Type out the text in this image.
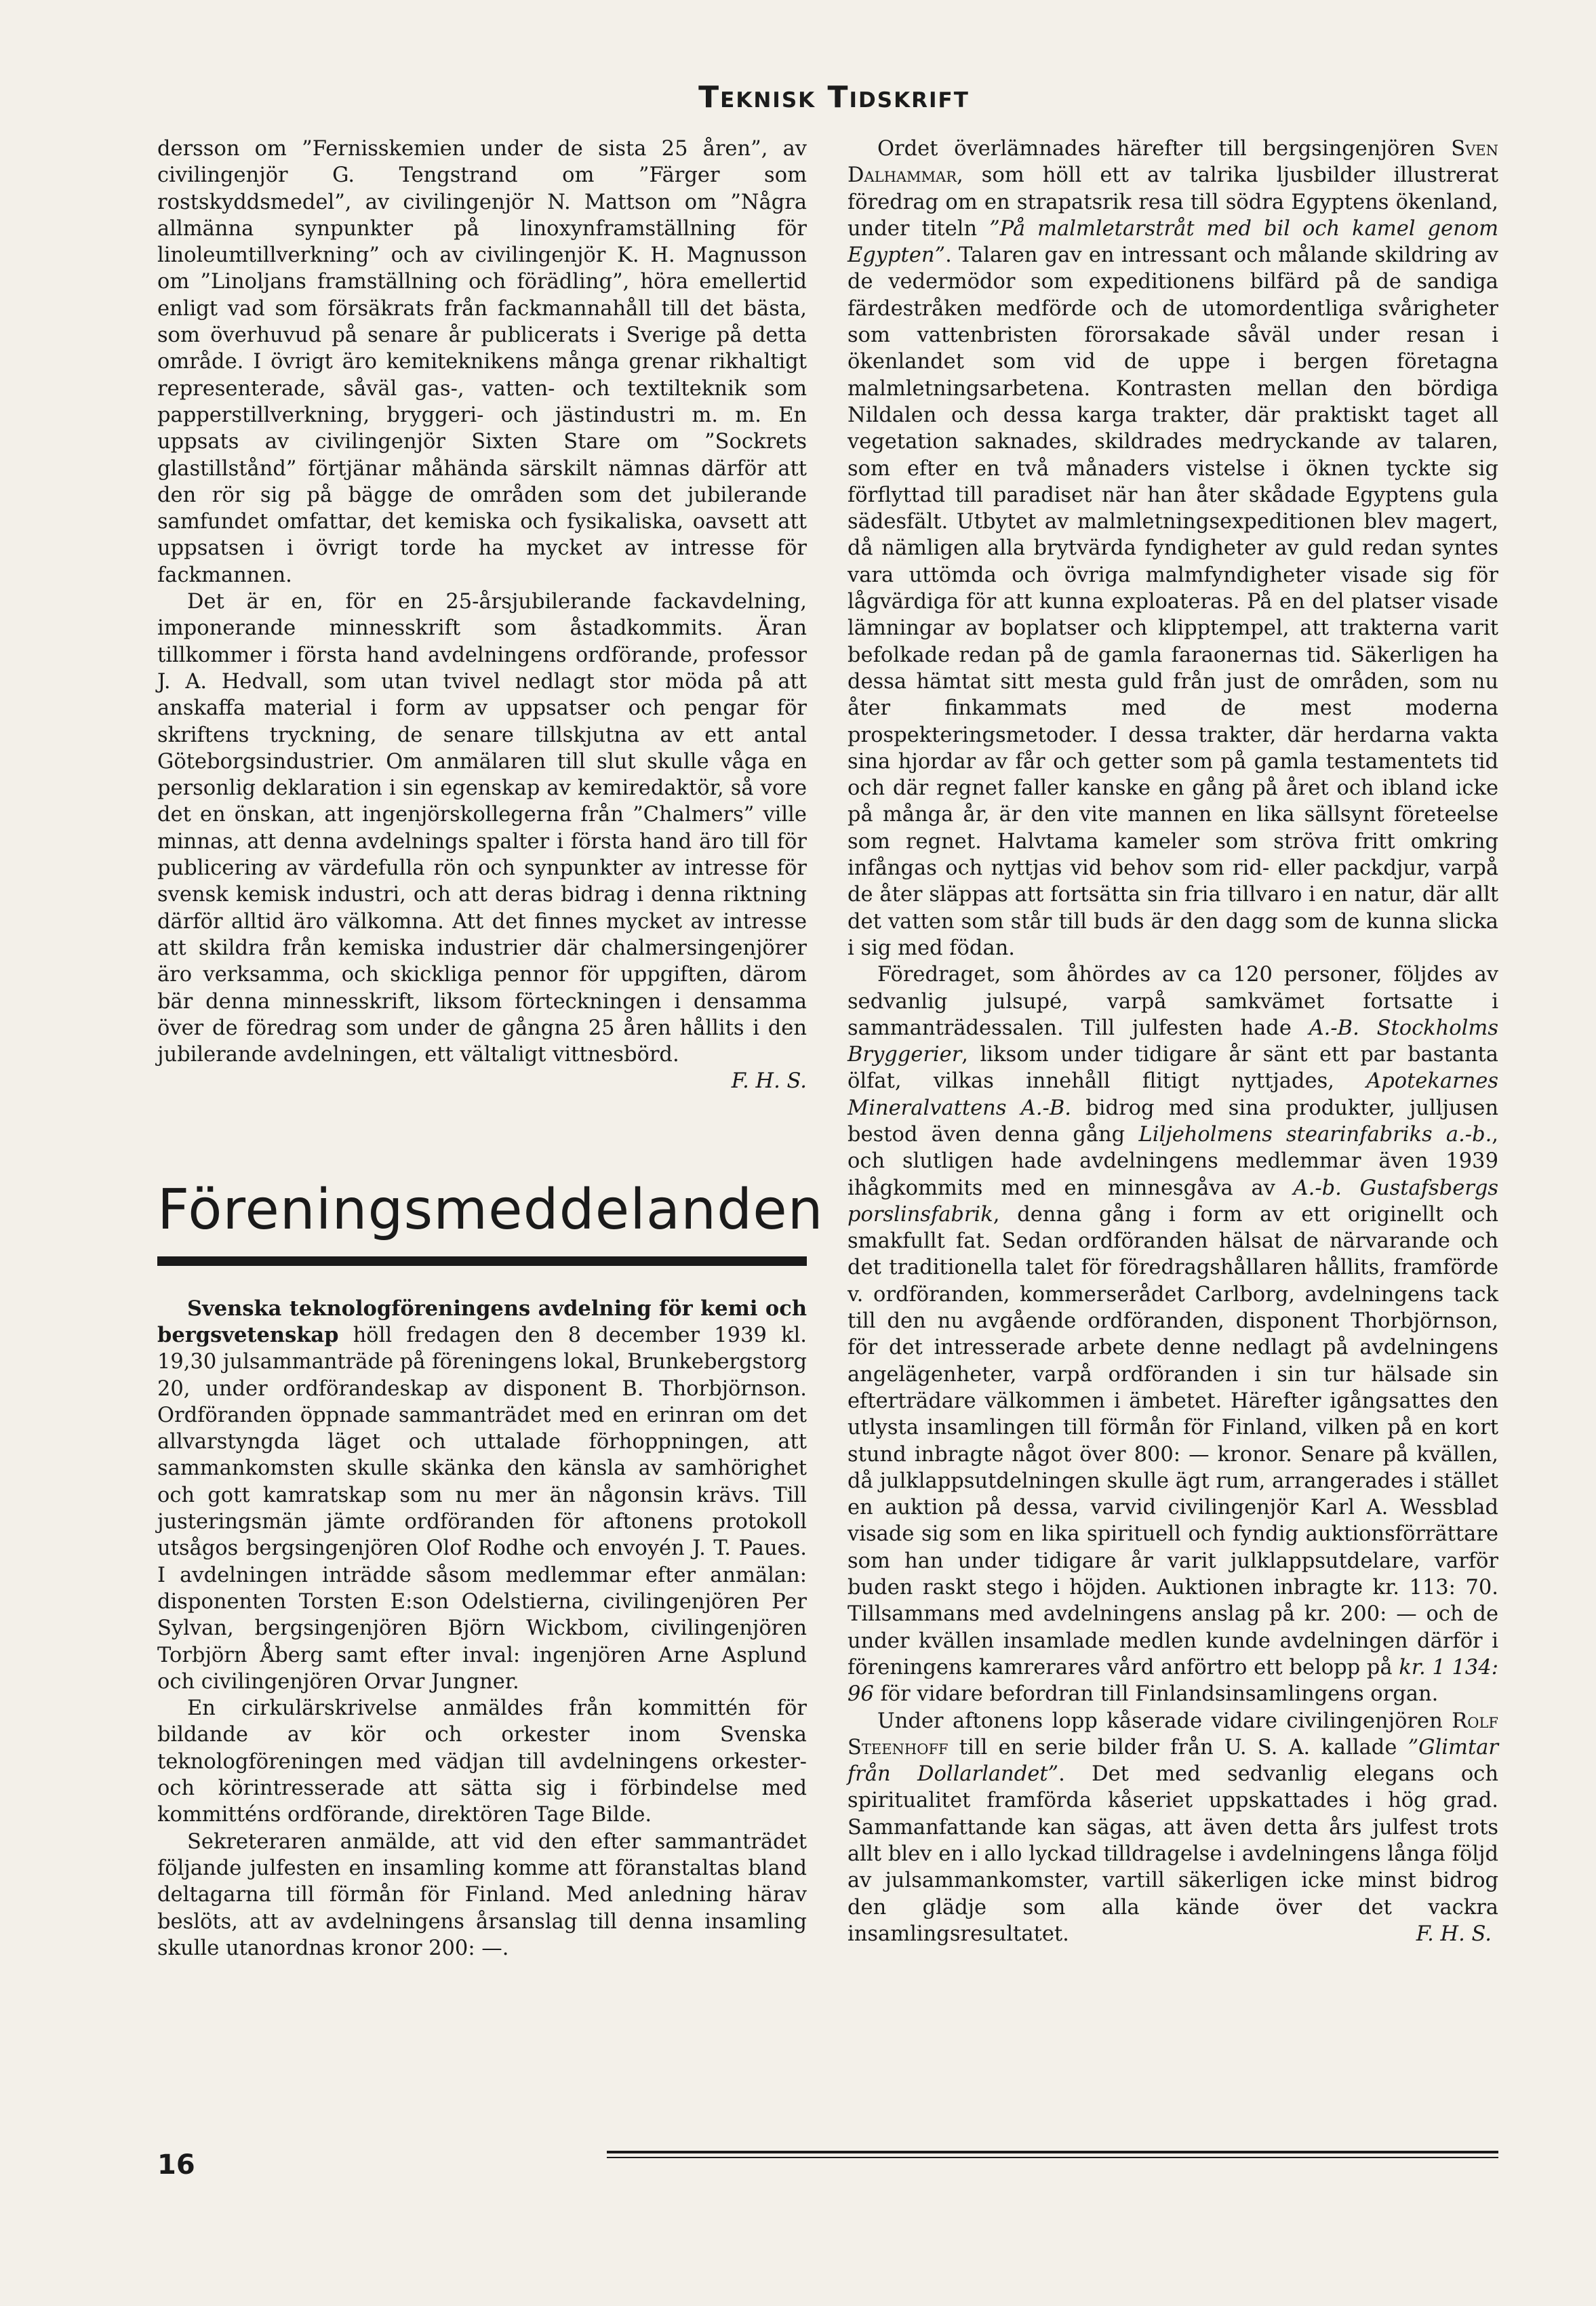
Teknisk Tidskrift

dersson om ”Fernisskemien under de sista 25 åren”, av civilingenjör G. Tengstrand om ”Färger som rostskyddsmedel”, av civilingenjör N. Mattson om ”Några allmänna synpunkter på linoxynframställning för linoleumtillverkning” och av civilingenjör K. H. Magnusson om ”Linoljans framställning och förädling”, höra emellertid enligt vad som försäkrats från fackmannahåll till det bästa, som överhuvud på senare år publicerats i Sverige på detta område. I övrigt äro kemiteknikens många grenar rikhaltigt representerade, såväl gas-, vatten- och textilteknik som papperstillverkning, bryggeri- och jästindustri m. m. En uppsats av civilingenjör Sixten Stare om ”Sockrets glastillstånd” förtjänar måhända särskilt nämnas därför att den rör sig på bägge de områden som det jubilerande samfundet omfattar, det kemiska och fysikaliska, oavsett att uppsatsen i övrigt torde ha mycket av intresse för fackmannen.

Det är en, för en 25-årsjubilerande fackavdelning, imponerande minnesskrift som åstadkommits. Äran tillkommer i första hand avdelningens ordförande, professor J. A. Hedvall, som utan tvivel nedlagt stor möda på att anskaffa material i form av uppsatser och pengar för skriftens tryckning, de senare tillskjutna av ett antal Göteborgsindustrier. Om anmälaren till slut skulle våga en personlig deklaration i sin egenskap av kemiredaktör, så vore det en önskan, att ingenjörskollegerna från ”Chalmers” ville minnas, att denna avdelnings spalter i första hand äro till för publicering av värdefulla rön och synpunkter av intresse för svensk kemisk industri, och att deras bidrag i denna riktning därför alltid äro välkomna. Att det finnes mycket av intresse att skildra från kemiska industrier där chalmersingenjörer äro verksamma, och skickliga pennor för uppgiften, därom bär denna minnesskrift, liksom förteckningen i densamma över de föredrag som under de gångna 25 åren hållits i den jubilerande avdelningen, ett vältaligt vittnesbörd.

F. H. S.

Föreningsmeddelanden

Svenska teknologföreningens avdelning för kemi och bergsvetenskap höll fredagen den 8 december 1939 kl. 19,30 julsammanträde på föreningens lokal, Brunkebergstorg 20, under ordförandeskap av disponent B. Thorbjörnson. Ordföranden öppnade sammanträdet med en erinran om det allvarstyngda läget och uttalade förhoppningen, att sammankomsten skulle skänka den känsla av samhörighet och gott kamratskap som nu mer än någonsin krävs. Till justeringsmän jämte ordföranden för aftonens protokoll utsågos bergsingenjören Olof Rodhe och envoyén J. T. Paues. I avdelningen inträdde såsom medlemmar efter anmälan: disponenten Torsten E:son Odelstierna, civilingenjören Per Sylvan, bergsingenjören Björn Wickbom, civilingenjören Torbjörn Åberg samt efter inval: ingenjören Arne Asplund och civilingenjören Orvar Jungner.

En cirkulärskrivelse anmäldes från kommittén för bildande av kör och orkester inom Svenska teknologföreningen med vädjan till avdelningens orkester- och körintresserade att sätta sig i förbindelse med kommitténs ordförande, direktören Tage Bilde.

Sekreteraren anmälde, att vid den efter sammanträdet följande julfesten en insamling komme att föranstaltas bland deltagarna till förmån för Finland. Med anledning härav beslöts, att av avdelningens årsanslag till denna insamling skulle utanordnas kronor 200: —.

Ordet överlämnades härefter till bergsingenjören Sven Dalhammar, som höll ett av talrika ljusbilder illustrerat föredrag om en strapatsrik resa till södra Egyptens ökenland, under titeln ”På malmletarstråt med bil och kamel genom Egypten”. Talaren gav en intressant och målande skildring av de vedermödor som expeditionens bilfärd på de sandiga färdestråken medförde och de utomordentliga svårigheter som vattenbristen förorsakade såväl under resan i ökenlandet som vid de uppe i bergen företagna malmletningsarbetena. Kontrasten mellan den bördiga Nildalen och dessa karga trakter, där praktiskt taget all vegetation saknades, skildrades medryckande av talaren, som efter en två månaders vistelse i öknen tyckte sig förflyttad till paradiset när han åter skådade Egyptens gula sädesfält. Utbytet av malmletningsexpeditionen blev magert, då nämligen alla brytvärda fyndigheter av guld redan syntes vara uttömda och övriga malmfyndigheter visade sig för lågvärdiga för att kunna exploateras. På en del platser visade lämningar av boplatser och klipptempel, att trakterna varit befolkade redan på de gamla faraonernas tid. Säkerligen ha dessa hämtat sitt mesta guld från just de områden, som nu åter finkammats med de mest moderna prospekteringsmetoder. I dessa trakter, där herdarna vakta sina hjordar av får och getter som på gamla testamentets tid och där regnet faller kanske en gång på året och ibland icke på många år, är den vite mannen en lika sällsynt företeelse som regnet. Halvtama kameler som ströva fritt omkring infångas och nyttjas vid behov som rid- eller packdjur, varpå de åter släppas att fortsätta sin fria tillvaro i en natur, där allt det vatten som står till buds är den dagg som de kunna slicka i sig med födan.

Föredraget, som åhördes av ca 120 personer, följdes av sedvanlig julsupé, varpå samkvämet fortsatte i sammanträdessalen. Till julfesten hade A.-B. Stockholms Bryggerier, liksom under tidigare år sänt ett par bastanta ölfat, vilkas innehåll flitigt nyttjades, Apotekarnes Mineralvattens A.-B. bidrog med sina produkter, julljusen bestod även denna gång Liljeholmens stearinfabriks a.-b., och slutligen hade avdelningens medlemmar även 1939 ihågkommits med en minnesgåva av A.-b. Gustafsbergs porslinsfabrik, denna gång i form av ett originellt och smakfullt fat. Sedan ordföranden hälsat de närvarande och det traditionella talet för föredragshållaren hållits, framförde v. ordföranden, kommerserådet Carlborg, avdelningens tack till den nu avgående ordföranden, disponent Thorbjörnson, för det intresserade arbete denne nedlagt på avdelningens angelägenheter, varpå ordföranden i sin tur hälsade sin efterträdare välkommen i ämbetet. Härefter igångsattes den utlysta insamlingen till förmån för Finland, vilken på en kort stund inbragte något över 800: — kronor. Senare på kvällen, då julklappsutdelningen skulle ägt rum, arrangerades i stället en auktion på dessa, varvid civilingenjör Karl A. Wessblad visade sig som en lika spirituell och fyndig auktionsförrättare som han under tidigare år varit julklappsutdelare, varför buden raskt stego i höjden. Auktionen inbragte kr. 113: 70. Tillsammans med avdelningens anslag på kr. 200: — och de under kvällen insamlade medlen kunde avdelningen därför i föreningens kamrerares vård anförtro ett belopp på kr. 1 134: 96 för vidare befordran till Finlandsinsamlingens organ.

Under aftonens lopp kåserade vidare civilingenjören Rolf Steenhoff till en serie bilder från U. S. A. kallade ”Glimtar från Dollarlandet”. Det med sedvanlig elegans och spiritualitet framförda kåseriet uppskattades i hög grad. Sammanfattande kan sägas, att även detta års julfest trots allt blev en i allo lyckad tilldragelse i avdelningens långa följd av julsammankomster, vartill säkerligen icke minst bidrog den glädje som alla kände över det vackra insamlingsresultatet.	F. H. S.

16
